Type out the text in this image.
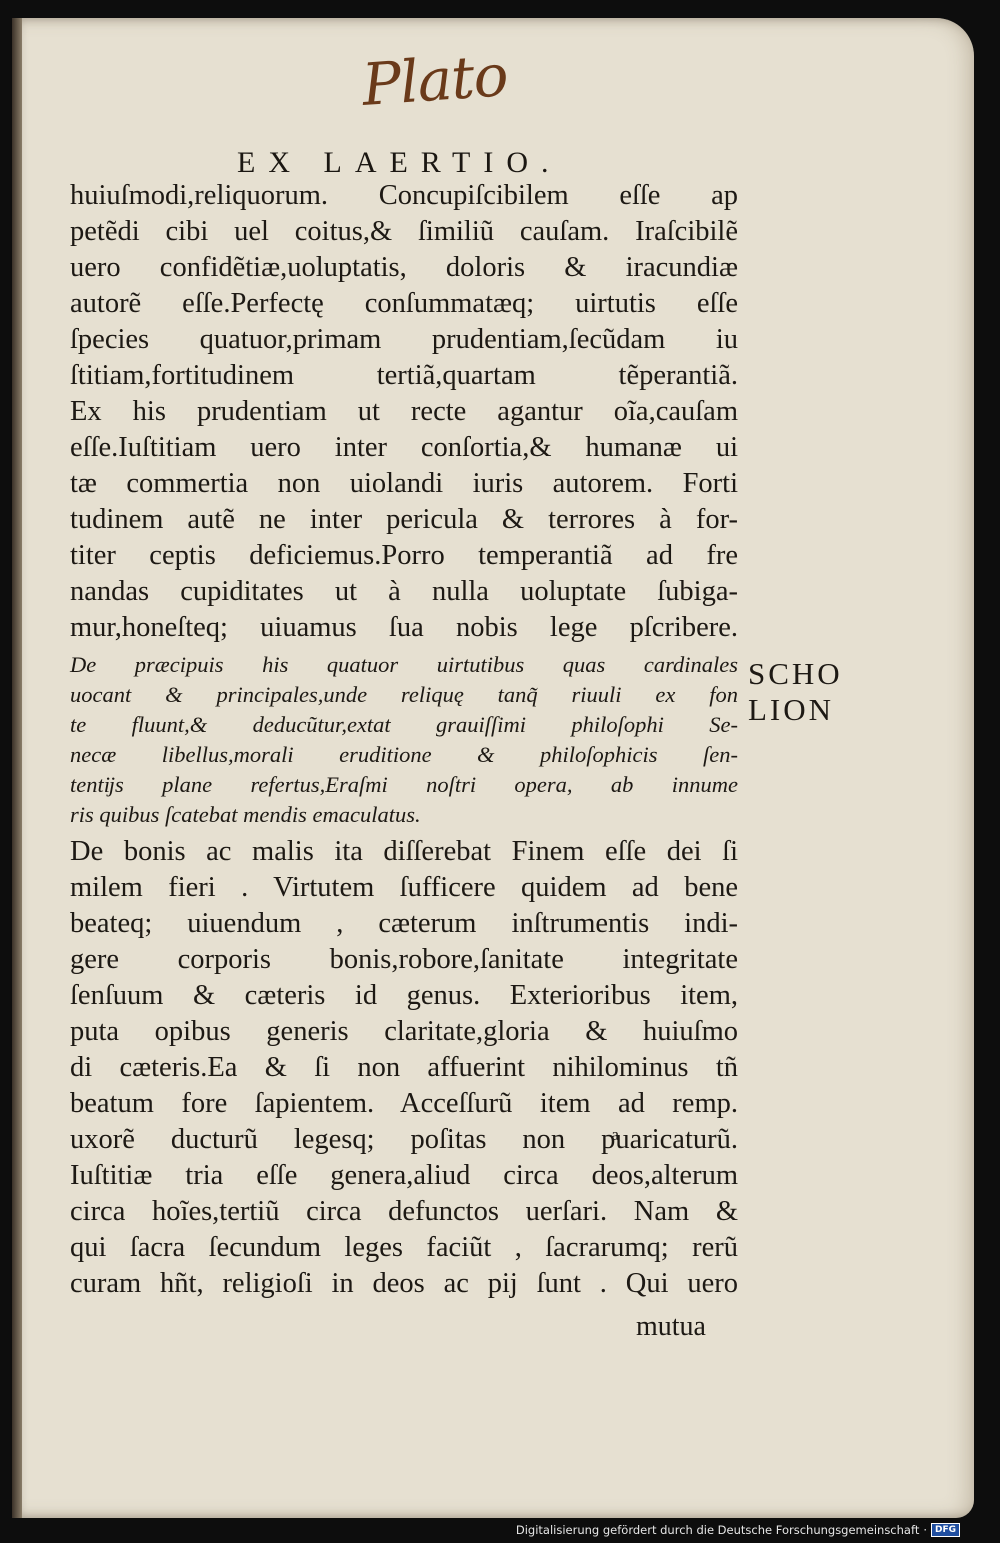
Plato
EX LAERTIO.
huiuſmodi,reliquorum. Concupiſcibilem eſſe ap
petẽdi cibi uel coitus,& ſimiliũ cauſam. Iraſcibilẽ
uero confidẽtiæ,uoluptatis, doloris & iracundiæ
autorẽ eſſe.Perfectę conſummatæq; uirtutis eſſe
ſpecies quatuor,primam prudentiam,ſecũdam iu
ſtitiam,fortitudinem tertiã,quartam tẽperantiã.
Ex his prudentiam ut recte agantur oĩa,cauſam
eſſe.Iuſtitiam uero inter conſortia,& humanæ ui
tæ commertia non uiolandi iuris autorem. Forti
tudinem autẽ ne inter pericula & terrores à for-
titer ceptis deficiemus.Porro temperantiã ad fre
nandas cupiditates ut à nulla uoluptate ſubiga-
mur,honeſteq; uiuamus ſua nobis lege pſcribere.
De præcipuis his quatuor uirtutibus quas cardinales
uocant & principales,unde reliquę tanq̃ riuuli ex fon
te fluunt,& deducũtur,extat grauiſſimi philoſophi Se-
necæ libellus,morali eruditione & philoſophicis ſen-
tentĳs plane refertus,Eraſmi noſtri opera, ab innume
ris quibus ſcatebat mendis emaculatus.
De bonis ac malis ita diſſerebat Finem eſſe dei ſi
milem fieri . Virtutem ſufficere quidem ad bene
beateq; uiuendum , cæterum inſtrumentis indi-
gere corporis bonis,robore,ſanitate integritate
ſenſuum & cæteris id genus. Exterioribus item,
puta opibus generis claritate,gloria & huiuſmo
di cæteris.Ea & ſi non affuerint nihilominus tñ
beatum fore ſapientem. Acceſſurũ item ad remp.
uxorẽ ducturũ legesq; poſitas non pͣuaricaturũ.
Iuſtitiæ tria eſſe genera,aliud circa deos,alterum
circa hoĩes,tertiũ circa defunctos uerſari. Nam &
qui ſacra ſecundum leges faciũt , ſacrarumq; rerũ
curam hñt, religioſi in deos ac pĳ ſunt . Qui uero
SCHO
LION
mutua
Digitalisierung gefördert durch die Deutsche Forschungsgemeinschaft · DFG
